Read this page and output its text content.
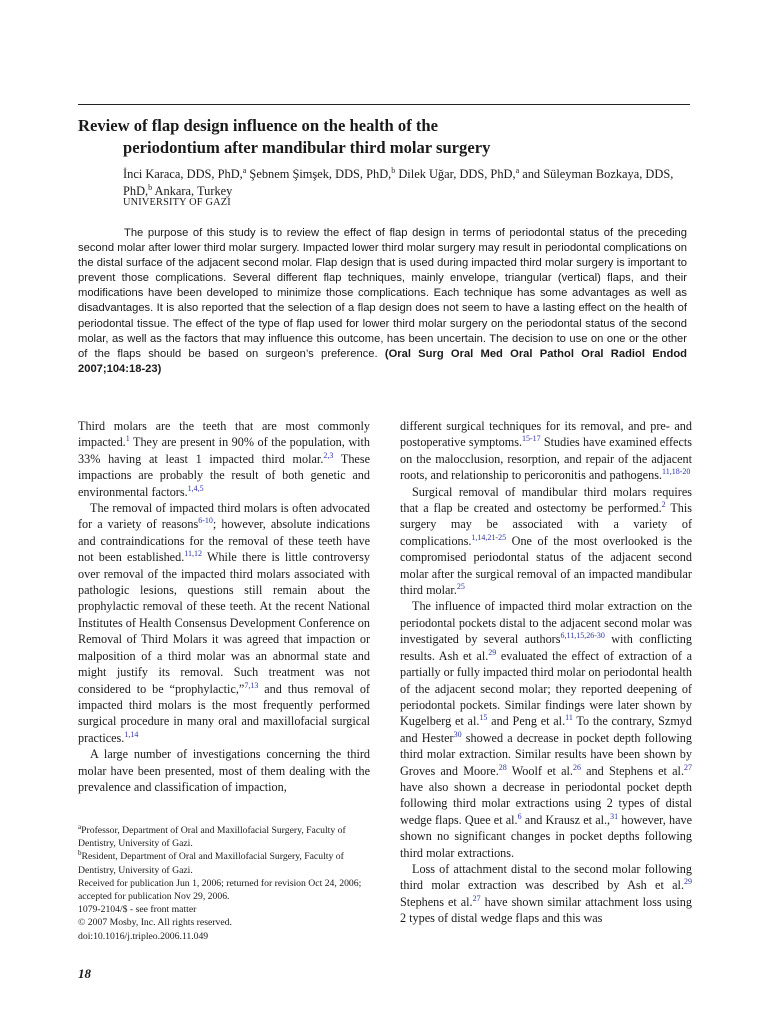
Review of flap design influence on the health of the
periodontium after mandibular third molar surgery
İnci Karaca, DDS, PhD,$^a$ Şebnem Şimşek, DDS, PhD,$^b$ Dilek Uğar, DDS, PhD,$^a$ and Süleyman Bozkaya, DDS, PhD,$^b$ Ankara, Turkey
UNIVERSITY OF GAZI

The purpose of this study is to review the effect of flap design in terms of periodontal status of the preceding second molar after lower third molar surgery. Impacted lower third molar surgery may result in periodontal complications on the distal surface of the adjacent second molar. Flap design that is used during impacted third molar surgery is important to prevent those complications. Several different flap techniques, mainly envelope, triangular (vertical) flaps, and their modifications have been developed to minimize those complications. Each technique has some advantages as well as disadvantages. It is also reported that the selection of a flap design does not seem to have a lasting effect on the health of periodontal tissue. The effect of the type of flap used for lower third molar surgery on the periodontal status of the second molar, as well as the factors that may influence this outcome, has been uncertain. The decision to use on one or the other of the flaps should be based on surgeon’s preference. (Oral Surg Oral Med Oral Pathol Oral Radiol Endod 2007;104:18-23)

Third molars are the teeth that are most commonly impacted.$^1$ They are present in 90% of the population, with 33% having at least 1 impacted third molar.$^{2,3}$ These impactions are probably the result of both genetic and environmental factors.$^{1,4,5}$

The removal of impacted third molars is often advocated for a variety of reasons$^{6-10}$; however, absolute indications and contraindications for the removal of these teeth have not been established.$^{11,12}$ While there is little controversy over removal of the impacted third molars associated with pathologic lesions, questions still remain about the prophylactic removal of these teeth. At the recent National Institutes of Health Consensus Development Conference on Removal of Third Molars it was agreed that impaction or malposition of a third molar was an abnormal state and might justify its removal. Such treatment was not considered to be “prophylactic,”$^{7,13}$ and thus removal of impacted third molars is the most frequently performed surgical procedure in many oral and maxillofacial surgical practices.$^{1,14}$

A large number of investigations concerning the third molar have been presented, most of them dealing with the prevalence and classification of impaction,

different surgical techniques for its removal, and pre- and postoperative symptoms.$^{15-17}$ Studies have examined effects on the malocclusion, resorption, and repair of the adjacent roots, and relationship to pericoronitis and pathogens.$^{11,18-20}$

Surgical removal of mandibular third molars requires that a flap be created and ostectomy be performed.$^2$ This surgery may be associated with a variety of complications.$^{1,14,21-25}$ One of the most overlooked is the compromised periodontal status of the adjacent second molar after the surgical removal of an impacted mandibular third molar.$^{25}$

The influence of impacted third molar extraction on the periodontal pockets distal to the adjacent second molar was investigated by several authors$^{6,11,15,26-30}$ with conflicting results. Ash et al.$^{29}$ evaluated the effect of extraction of a partially or fully impacted third molar on periodontal health of the adjacent second molar; they reported deepening of periodontal pockets. Similar findings were later shown by Kugelberg et al.$^{15}$ and Peng et al.$^{11}$ To the contrary, Szmyd and Hester$^{30}$ showed a decrease in pocket depth following third molar extraction. Similar results have been shown by Groves and Moore.$^{28}$ Woolf et al.$^{26}$ and Stephens et al.$^{27}$ have also shown a decrease in periodontal pocket depth following third molar extractions using 2 types of distal wedge flaps. Quee et al.$^6$ and Krausz et al.,$^{31}$ however, have shown no significant changes in pocket depths following third molar extractions.

Loss of attachment distal to the second molar following third molar extraction was described by Ash et al.$^{29}$ Stephens et al.$^{27}$ have shown similar attachment loss using 2 types of distal wedge flaps and this was

$^a$Professor, Department of Oral and Maxillofacial Surgery, Faculty of Dentistry, University of Gazi.
$^b$Resident, Department of Oral and Maxillofacial Surgery, Faculty of Dentistry, University of Gazi.
Received for publication Jun 1, 2006; returned for revision Oct 24, 2006; accepted for publication Nov 29, 2006.
1079-2104/$ - see front matter
© 2007 Mosby, Inc. All rights reserved.
doi:10.1016/j.tripleo.2006.11.049
18
